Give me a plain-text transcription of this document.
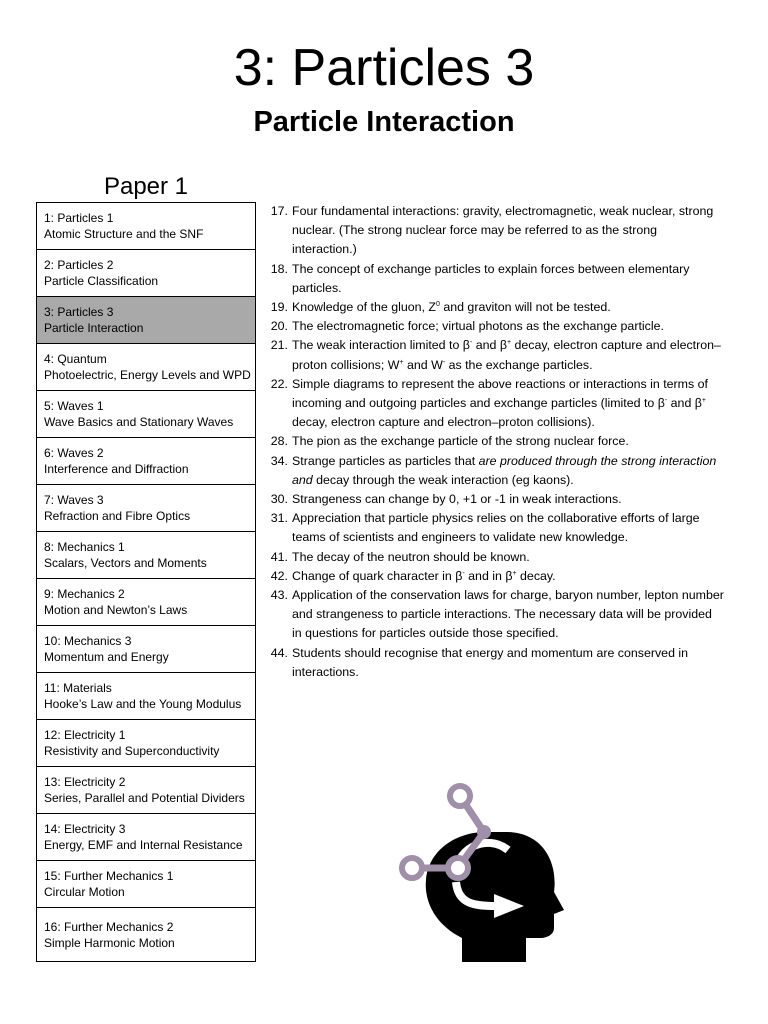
3: Particles 3
Particle Interaction
Paper 1
1: Particles 1
Atomic Structure and the SNF
2: Particles 2
Particle Classification
3: Particles 3
Particle Interaction
4: Quantum
Photoelectric, Energy Levels and WPD
5: Waves 1
Wave Basics and Stationary Waves
6: Waves 2
Interference and Diffraction
7: Waves 3
Refraction and Fibre Optics
8: Mechanics 1
Scalars, Vectors and Moments
9: Mechanics 2
Motion and Newton’s Laws
10: Mechanics 3
Momentum and Energy
11: Materials
Hooke’s Law and the Young Modulus
12: Electricity 1
Resistivity and Superconductivity
13: Electricity 2
Series, Parallel and Potential Dividers
14: Electricity 3
Energy, EMF and Internal Resistance
15: Further Mechanics 1
Circular Motion
16: Further Mechanics 2
Simple Harmonic Motion
17. Four fundamental interactions: gravity, electromagnetic, weak nuclear, strong nuclear. (The strong nuclear force may be referred to as the strong interaction.)
18. The concept of exchange particles to explain forces between elementary particles.
19. Knowledge of the gluon, $Z^0$ and graviton will not be tested.
20. The electromagnetic force; virtual photons as the exchange particle.
21. The weak interaction limited to β- and β+ decay, electron capture and electron–proton collisions; W+ and W- as the exchange particles.
22. Simple diagrams to represent the above reactions or interactions in terms of incoming and outgoing particles and exchange particles (limited to β- and β+ decay, electron capture and electron–proton collisions).
28. The pion as the exchange particle of the strong nuclear force.
34. Strange particles as particles that are produced through the strong interaction and decay through the weak interaction (eg kaons).
30. Strangeness can change by 0, +1 or -1 in weak interactions.
31. Appreciation that particle physics relies on the collaborative efforts of large teams of scientists and engineers to validate new knowledge.
41. The decay of the neutron should be known.
42. Change of quark character in β- and in β+ decay.
43. Application of the conservation laws for charge, baryon number, lepton number and strangeness to particle interactions. The necessary data will be provided in questions for particles outside those specified.
44. Students should recognise that energy and momentum are conserved in interactions.
